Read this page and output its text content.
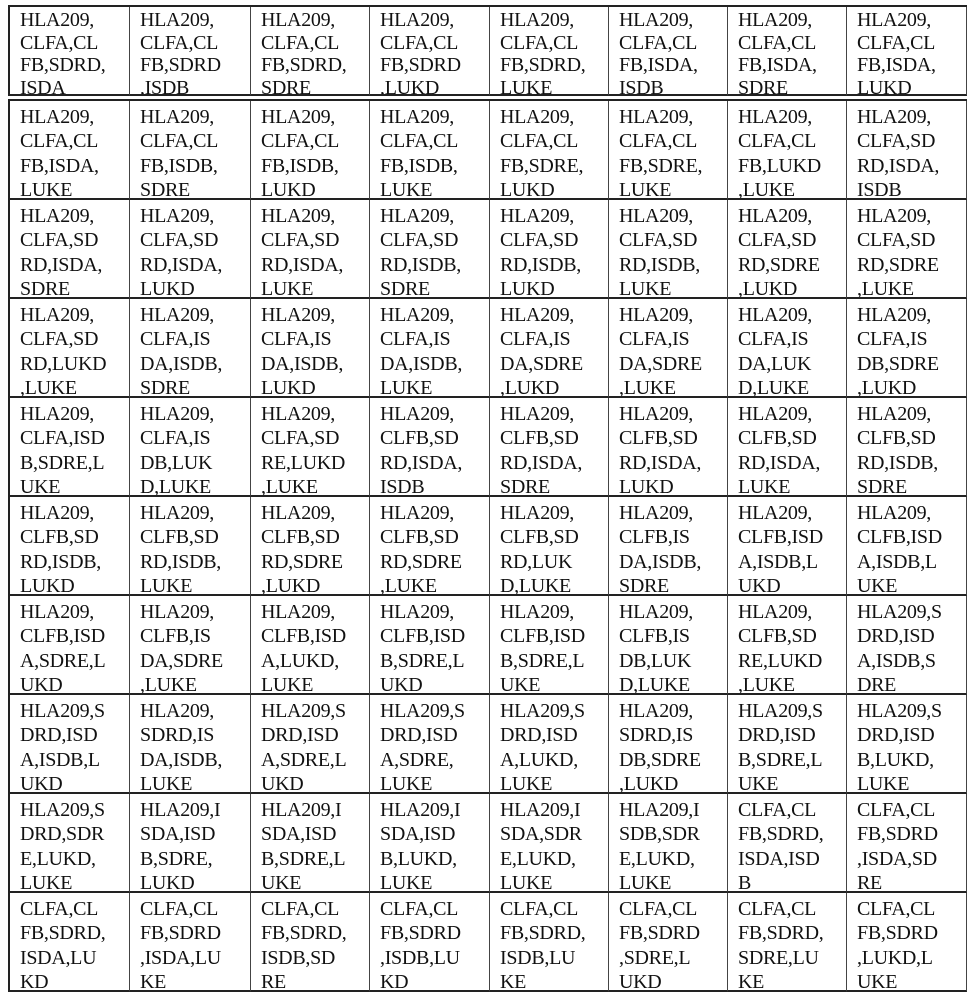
HLA209,
CLFA,CL
FB,SDRD,
ISDA
HLA209,
CLFA,CL
FB,SDRD
,ISDB
HLA209,
CLFA,CL
FB,SDRD,
SDRE
HLA209,
CLFA,CL
FB,SDRD
,LUKD
HLA209,
CLFA,CL
FB,SDRD,
LUKE
HLA209,
CLFA,CL
FB,ISDA,
ISDB
HLA209,
CLFA,CL
FB,ISDA,
SDRE
HLA209,
CLFA,CL
FB,ISDA,
LUKD
HLA209,
CLFA,CL
FB,ISDA,
LUKE
HLA209,
CLFA,CL
FB,ISDB,
SDRE
HLA209,
CLFA,CL
FB,ISDB,
LUKD
HLA209,
CLFA,CL
FB,ISDB,
LUKE
HLA209,
CLFA,CL
FB,SDRE,
LUKD
HLA209,
CLFA,CL
FB,SDRE,
LUKE
HLA209,
CLFA,CL
FB,LUKD
,LUKE
HLA209,
CLFA,SD
RD,ISDA,
ISDB
HLA209,
CLFA,SD
RD,ISDA,
SDRE
HLA209,
CLFA,SD
RD,ISDA,
LUKD
HLA209,
CLFA,SD
RD,ISDA,
LUKE
HLA209,
CLFA,SD
RD,ISDB,
SDRE
HLA209,
CLFA,SD
RD,ISDB,
LUKD
HLA209,
CLFA,SD
RD,ISDB,
LUKE
HLA209,
CLFA,SD
RD,SDRE
,LUKD
HLA209,
CLFA,SD
RD,SDRE
,LUKE
HLA209,
CLFA,SD
RD,LUKD
,LUKE
HLA209,
CLFA,IS
DA,ISDB,
SDRE
HLA209,
CLFA,IS
DA,ISDB,
LUKD
HLA209,
CLFA,IS
DA,ISDB,
LUKE
HLA209,
CLFA,IS
DA,SDRE
,LUKD
HLA209,
CLFA,IS
DA,SDRE
,LUKE
HLA209,
CLFA,IS
DA,LUK
D,LUKE
HLA209,
CLFA,IS
DB,SDRE
,LUKD
HLA209,
CLFA,ISD
B,SDRE,L
UKE
HLA209,
CLFA,IS
DB,LUK
D,LUKE
HLA209,
CLFA,SD
RE,LUKD
,LUKE
HLA209,
CLFB,SD
RD,ISDA,
ISDB
HLA209,
CLFB,SD
RD,ISDA,
SDRE
HLA209,
CLFB,SD
RD,ISDA,
LUKD
HLA209,
CLFB,SD
RD,ISDA,
LUKE
HLA209,
CLFB,SD
RD,ISDB,
SDRE
HLA209,
CLFB,SD
RD,ISDB,
LUKD
HLA209,
CLFB,SD
RD,ISDB,
LUKE
HLA209,
CLFB,SD
RD,SDRE
,LUKD
HLA209,
CLFB,SD
RD,SDRE
,LUKE
HLA209,
CLFB,SD
RD,LUK
D,LUKE
HLA209,
CLFB,IS
DA,ISDB,
SDRE
HLA209,
CLFB,ISD
A,ISDB,L
UKD
HLA209,
CLFB,ISD
A,ISDB,L
UKE
HLA209,
CLFB,ISD
A,SDRE,L
UKD
HLA209,
CLFB,IS
DA,SDRE
,LUKE
HLA209,
CLFB,ISD
A,LUKD,
LUKE
HLA209,
CLFB,ISD
B,SDRE,L
UKD
HLA209,
CLFB,ISD
B,SDRE,L
UKE
HLA209,
CLFB,IS
DB,LUK
D,LUKE
HLA209,
CLFB,SD
RE,LUKD
,LUKE
HLA209,S
DRD,ISD
A,ISDB,S
DRE
HLA209,S
DRD,ISD
A,ISDB,L
UKD
HLA209,
SDRD,IS
DA,ISDB,
LUKE
HLA209,S
DRD,ISD
A,SDRE,L
UKD
HLA209,S
DRD,ISD
A,SDRE,
LUKE
HLA209,S
DRD,ISD
A,LUKD,
LUKE
HLA209,
SDRD,IS
DB,SDRE
,LUKD
HLA209,S
DRD,ISD
B,SDRE,L
UKE
HLA209,S
DRD,ISD
B,LUKD,
LUKE
HLA209,S
DRD,SDR
E,LUKD,
LUKE
HLA209,I
SDA,ISD
B,SDRE,
LUKD
HLA209,I
SDA,ISD
B,SDRE,L
UKE
HLA209,I
SDA,ISD
B,LUKD,
LUKE
HLA209,I
SDA,SDR
E,LUKD,
LUKE
HLA209,I
SDB,SDR
E,LUKD,
LUKE
CLFA,CL
FB,SDRD,
ISDA,ISD
B
CLFA,CL
FB,SDRD
,ISDA,SD
RE
CLFA,CL
FB,SDRD,
ISDA,LU
KD
CLFA,CL
FB,SDRD
,ISDA,LU
KE
CLFA,CL
FB,SDRD,
ISDB,SD
RE
CLFA,CL
FB,SDRD
,ISDB,LU
KD
CLFA,CL
FB,SDRD,
ISDB,LU
KE
CLFA,CL
FB,SDRD
,SDRE,L
UKD
CLFA,CL
FB,SDRD,
SDRE,LU
KE
CLFA,CL
FB,SDRD
,LUKD,L
UKE
